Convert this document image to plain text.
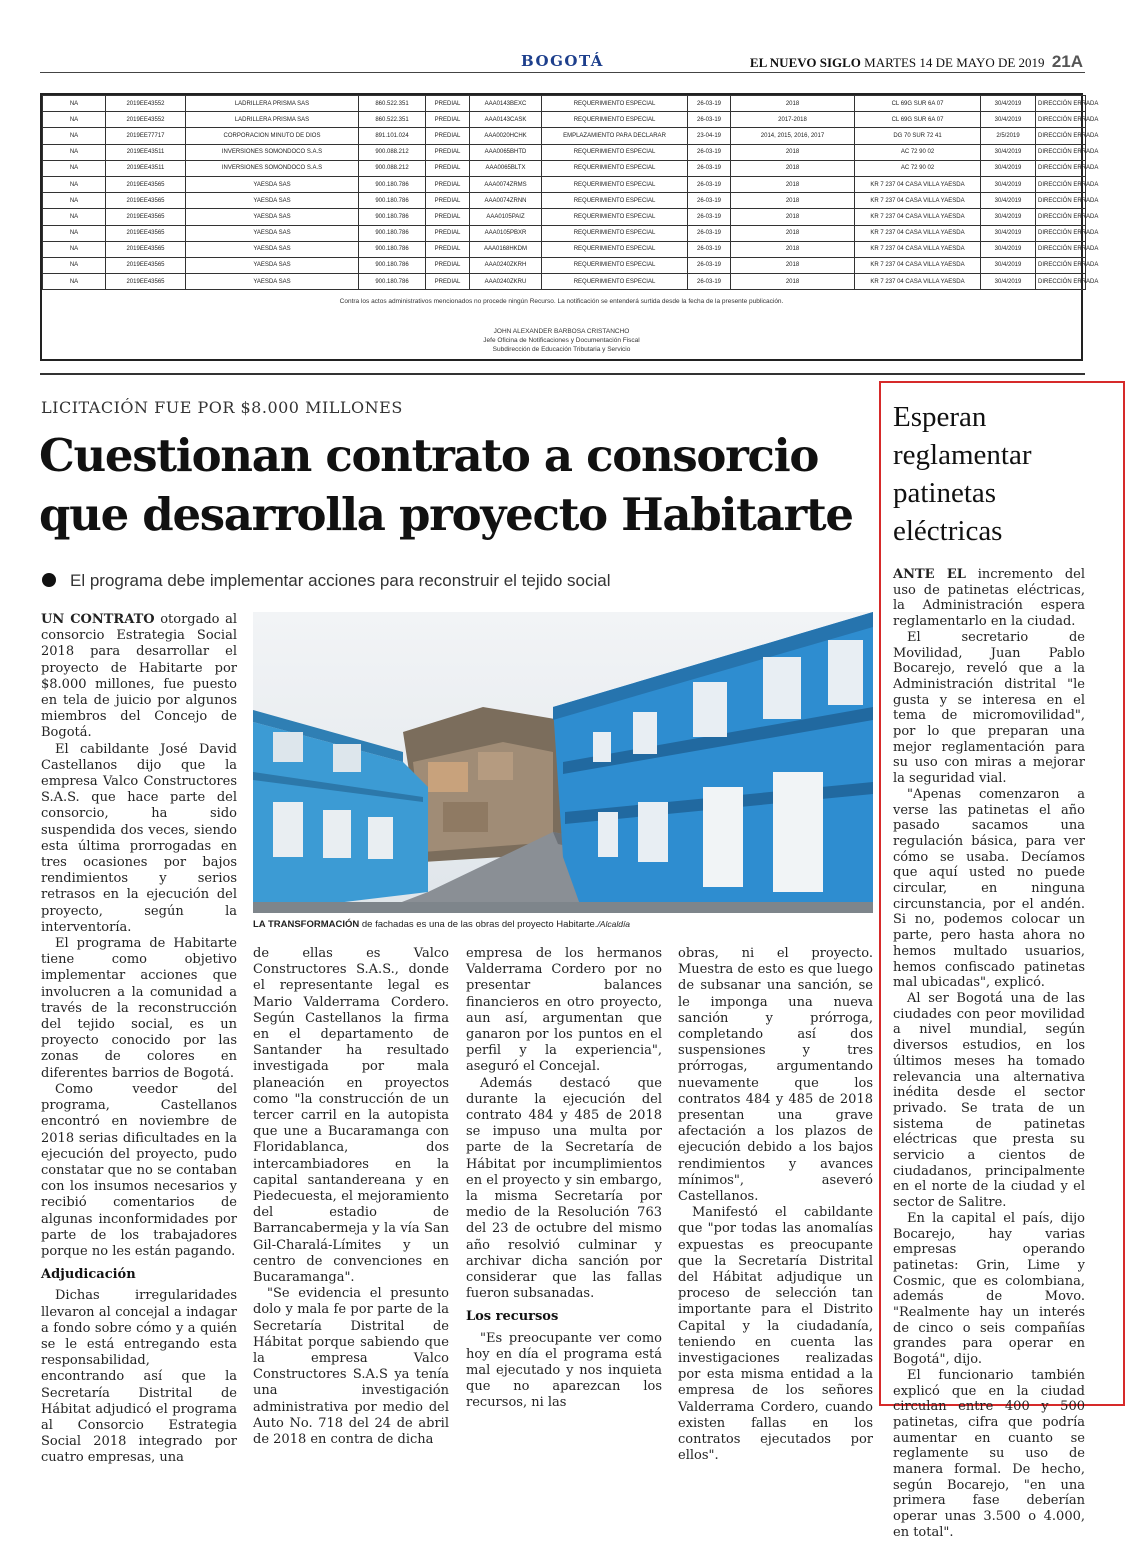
BOGOTÁ	EL NUEVO SIGLO MARTES 14 DE MAYO DE 2019 21A
NA	2019EE43552	LADRILLERA PRISMA SAS	860.522.351	PREDIAL	AAA0143BEXC	REQUERIMIENTO ESPECIAL	26-03-19	2018	CL 69G SUR 6A 07	30/4/2019	DIRECCIÓN ERRADA
NA	2019EE43552	LADRILLERA PRISMA SAS	860.522.351	PREDIAL	AAA0143CASK	REQUERIMIENTO ESPECIAL	26-03-19	2017-2018	CL 69G SUR 6A 07	30/4/2019	DIRECCIÓN ERRADA
NA	2019EE77717	CORPORACION MINUTO DE DIOS	891.101.024	PREDIAL	AAA0020HCHK	EMPLAZAMIENTO PARA DECLARAR	23-04-19	2014, 2015, 2016, 2017	DG 70 SUR 72 41	2/5/2019	DIRECCIÓN ERRADA
NA	2019EE43511	INVERSIONES SOMONDOCO S.A.S	900.088.212	PREDIAL	AAA0065BHTD	REQUERIMIENTO ESPECIAL	26-03-19	2018	AC 72 90 02	30/4/2019	DIRECCIÓN ERRADA
NA	2019EE43511	INVERSIONES SOMONDOCO S.A.S	900.088.212	PREDIAL	AAA0065BLTX	REQUERIMIENTO ESPECIAL	26-03-19	2018	AC 72 90 02	30/4/2019	DIRECCIÓN ERRADA
NA	2019EE43565	YAESDA SAS	900.180.786	PREDIAL	AAA0074ZRMS	REQUERIMIENTO ESPECIAL	26-03-19	2018	KR 7 237 04 CASA VILLA YAESDA	30/4/2019	DIRECCIÓN ERRADA
NA	2019EE43565	YAESDA SAS	900.180.786	PREDIAL	AAA0074ZRNN	REQUERIMIENTO ESPECIAL	26-03-19	2018	KR 7 237 04 CASA VILLA YAESDA	30/4/2019	DIRECCIÓN ERRADA
NA	2019EE43565	YAESDA SAS	900.180.786	PREDIAL	AAA0105PAIZ	REQUERIMIENTO ESPECIAL	26-03-19	2018	KR 7 237 04 CASA VILLA YAESDA	30/4/2019	DIRECCIÓN ERRADA
NA	2019EE43565	YAESDA SAS	900.180.786	PREDIAL	AAA0105PBXR	REQUERIMIENTO ESPECIAL	26-03-19	2018	KR 7 237 04 CASA VILLA YAESDA	30/4/2019	DIRECCIÓN ERRADA
NA	2019EE43565	YAESDA SAS	900.180.786	PREDIAL	AAA0168HKDM	REQUERIMIENTO ESPECIAL	26-03-19	2018	KR 7 237 04 CASA VILLA YAESDA	30/4/2019	DIRECCIÓN ERRADA
NA	2019EE43565	YAESDA SAS	900.180.786	PREDIAL	AAA0240ZKRH	REQUERIMIENTO ESPECIAL	26-03-19	2018	KR 7 237 04 CASA VILLA YAESDA	30/4/2019	DIRECCIÓN ERRADA
NA	2019EE43565	YAESDA SAS	900.180.786	PREDIAL	AAA0240ZKRU	REQUERIMIENTO ESPECIAL	26-03-19	2018	KR 7 237 04 CASA VILLA YAESDA	30/4/2019	DIRECCIÓN ERRADA
Contra los actos administrativos mencionados no procede ningún Recurso. La notificación se entenderá surtida desde la fecha de la presente publicación.
JOHN ALEXANDER BARBOSA CRISTANCHO
Jefe Oficina de Notificaciones y Documentación Fiscal
Subdirección de Educación Tributaria y Servicio
LICITACIÓN FUE POR $8.000 MILLONES
Cuestionan contrato a consorcio que desarrolla proyecto Habitarte
El programa debe implementar acciones para reconstruir el tejido social

UN CONTRATO otorgado al consorcio Estrategia Social 2018 para desarrollar el proyecto de Habitarte por $8.000 millones, fue puesto en tela de juicio por algunos miembros del Concejo de Bogotá.

El cabildante José David Castellanos dijo que la empresa Valco Constructores S.A.S. que hace parte del consorcio, ha sido suspendida dos veces, siendo esta última prorrogadas en tres ocasiones por bajos rendimientos y serios retrasos en la ejecución del proyecto, según la interventoría.

El programa de Habitarte tiene como objetivo implementar acciones que involucren a la comunidad a través de la reconstrucción del tejido social, es un proyecto conocido por las zonas de colores en diferentes barrios de Bogotá.

Como veedor del programa, Castellanos encontró en noviembre de 2018 serias dificultades en la ejecución del proyecto, pudo constatar que no se contaban con los insumos necesarios y recibió comentarios de algunas inconformidades por parte de los trabajadores porque no les están pagando.

Adjudicación

Dichas irregularidades llevaron al concejal a indagar a fondo sobre cómo y a quién se le está entregando esta responsabilidad, encontrando así que la Secretaría Distrital de Hábitat adjudicó el programa al Consorcio Estrategia Social 2018 integrado por cuatro empresas, una

LA TRANSFORMACIÓN de fachadas es una de las obras del proyecto Habitarte./Alcaldía

de ellas es Valco Constructores S.A.S., donde el representante legal es Mario Valderrama Cordero. Según Castellanos la firma en el departamento de Santander ha resultado investigada por mala planeación en proyectos como "la construcción de un tercer carril en la autopista que une a Bucaramanga con Floridablanca, dos intercambiadores en la capital santandereana y en Piedecuesta, el mejoramiento del estadio de Barrancabermeja y la vía San Gil-Charalá-Límites y un centro de convenciones en Bucaramanga".

"Se evidencia el presunto dolo y mala fe por parte de la Secretaría Distrital de Hábitat porque sabiendo que la empresa Valco Constructores S.A.S ya tenía una investigación administrativa por medio del Auto No. 718 del 24 de abril de 2018 en contra de dicha

empresa de los hermanos Valderrama Cordero por no presentar balances financieros en otro proyecto, aun así, argumentan que ganaron por los puntos en el perfil y la experiencia", aseguró el Concejal.

Además destacó que durante la ejecución del contrato 484 y 485 de 2018 se impuso una multa por parte de la Secretaría de Hábitat por incumplimientos en el proyecto y sin embargo, la misma Secretaría por medio de la Resolución 763 del 23 de octubre del mismo año resolvió culminar y archivar dicha sanción por considerar que las fallas fueron subsanadas.

Los recursos

"Es preocupante ver como hoy en día el programa está mal ejecutado y nos inquieta que no aparezcan los recursos, ni las

obras, ni el proyecto. Muestra de esto es que luego de subsanar una sanción, se le imponga una nueva sanción y prórroga, completando así dos suspensiones y tres prórrogas, argumentando nuevamente que los contratos 484 y 485 de 2018 presentan una grave afectación a los plazos de ejecución debido a los bajos rendimientos y avances mínimos", aseveró Castellanos.

Manifestó el cabildante que "por todas las anomalías expuestas es preocupante que la Secretaría Distrital del Hábitat adjudique un proceso de selección tan importante para el Distrito Capital y la ciudadanía, teniendo en cuenta las investigaciones realizadas por esta misma entidad a la empresa de los señores Valderrama Cordero, cuando existen fallas en los contratos ejecutados por ellos".

Esperan reglamentar patinetas eléctricas

ANTE EL incremento del uso de patinetas eléctricas, la Administración espera reglamentarlo en la ciudad.

El secretario de Movilidad, Juan Pablo Bocarejo, reveló que a la Administración distrital "le gusta y se interesa en el tema de micromovilidad", por lo que preparan una mejor reglamentación para su uso con miras a mejorar la seguridad vial.

"Apenas comenzaron a verse las patinetas el año pasado sacamos una regulación básica, para ver cómo se usaba. Decíamos que aquí usted no puede circular, en ninguna circunstancia, por el andén. Si no, podemos colocar un parte, pero hasta ahora no hemos multado usuarios, hemos confiscado patinetas mal ubicadas", explicó.

Al ser Bogotá una de las ciudades con peor movilidad a nivel mundial, según diversos estudios, en los últimos meses ha tomado relevancia una alternativa inédita desde el sector privado. Se trata de un sistema de patinetas eléctricas que presta su servicio a cientos de ciudadanos, principalmente en el norte de la ciudad y el sector de Salitre.

En la capital el país, dijo Bocarejo, hay varias empresas operando patinetas: Grin, Lime y Cosmic, que es colombiana, además de Movo. "Realmente hay un interés de cinco o seis compañías grandes para operar en Bogotá", dijo.

El funcionario también explicó que en la ciudad circulan entre 400 y 500 patinetas, cifra que podría aumentar en cuanto se reglamente su uso de manera formal. De hecho, según Bocarejo, "en una primera fase deberían operar unas 3.500 o 4.000, en total".
